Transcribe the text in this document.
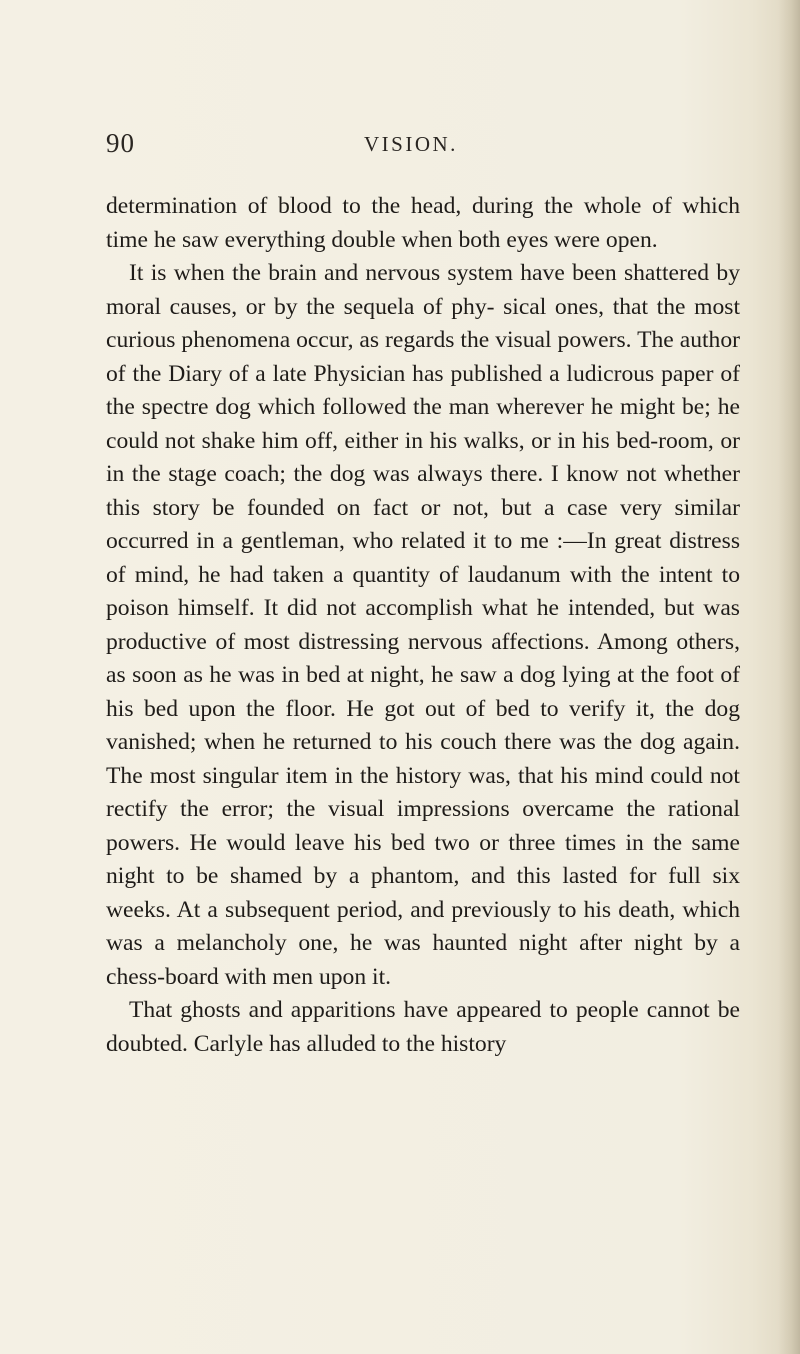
90	VISION.

determination of blood to the head, during the whole of which time he saw everything double when both eyes were open.

It is when the brain and nervous system have been shattered by moral causes, or by the sequela of phy- sical ones, that the most curious phenomena occur, as regards the visual powers. The author of the Diary of a late Physician has published a ludicrous paper of the spectre dog which followed the man wherever he might be; he could not shake him off, either in his walks, or in his bed-room, or in the stage coach; the dog was always there. I know not whether this story be founded on fact or not, but a case very similar occurred in a gentleman, who related it to me :—In great distress of mind, he had taken a quantity of laudanum with the intent to poison himself. It did not accomplish what he intended, but was productive of most distressing nervous affections. Among others, as soon as he was in bed at night, he saw a dog lying at the foot of his bed upon the floor. He got out of bed to verify it, the dog vanished; when he returned to his couch there was the dog again. The most singular item in the history was, that his mind could not rectify the error; the visual impressions overcame the rational powers. He would leave his bed two or three times in the same night to be shamed by a phantom, and this lasted for full six weeks. At a subsequent period, and previously to his death, which was a melancholy one, he was haunted night after night by a chess-board with men upon it.

That ghosts and apparitions have appeared to people cannot be doubted. Carlyle has alluded to the history
